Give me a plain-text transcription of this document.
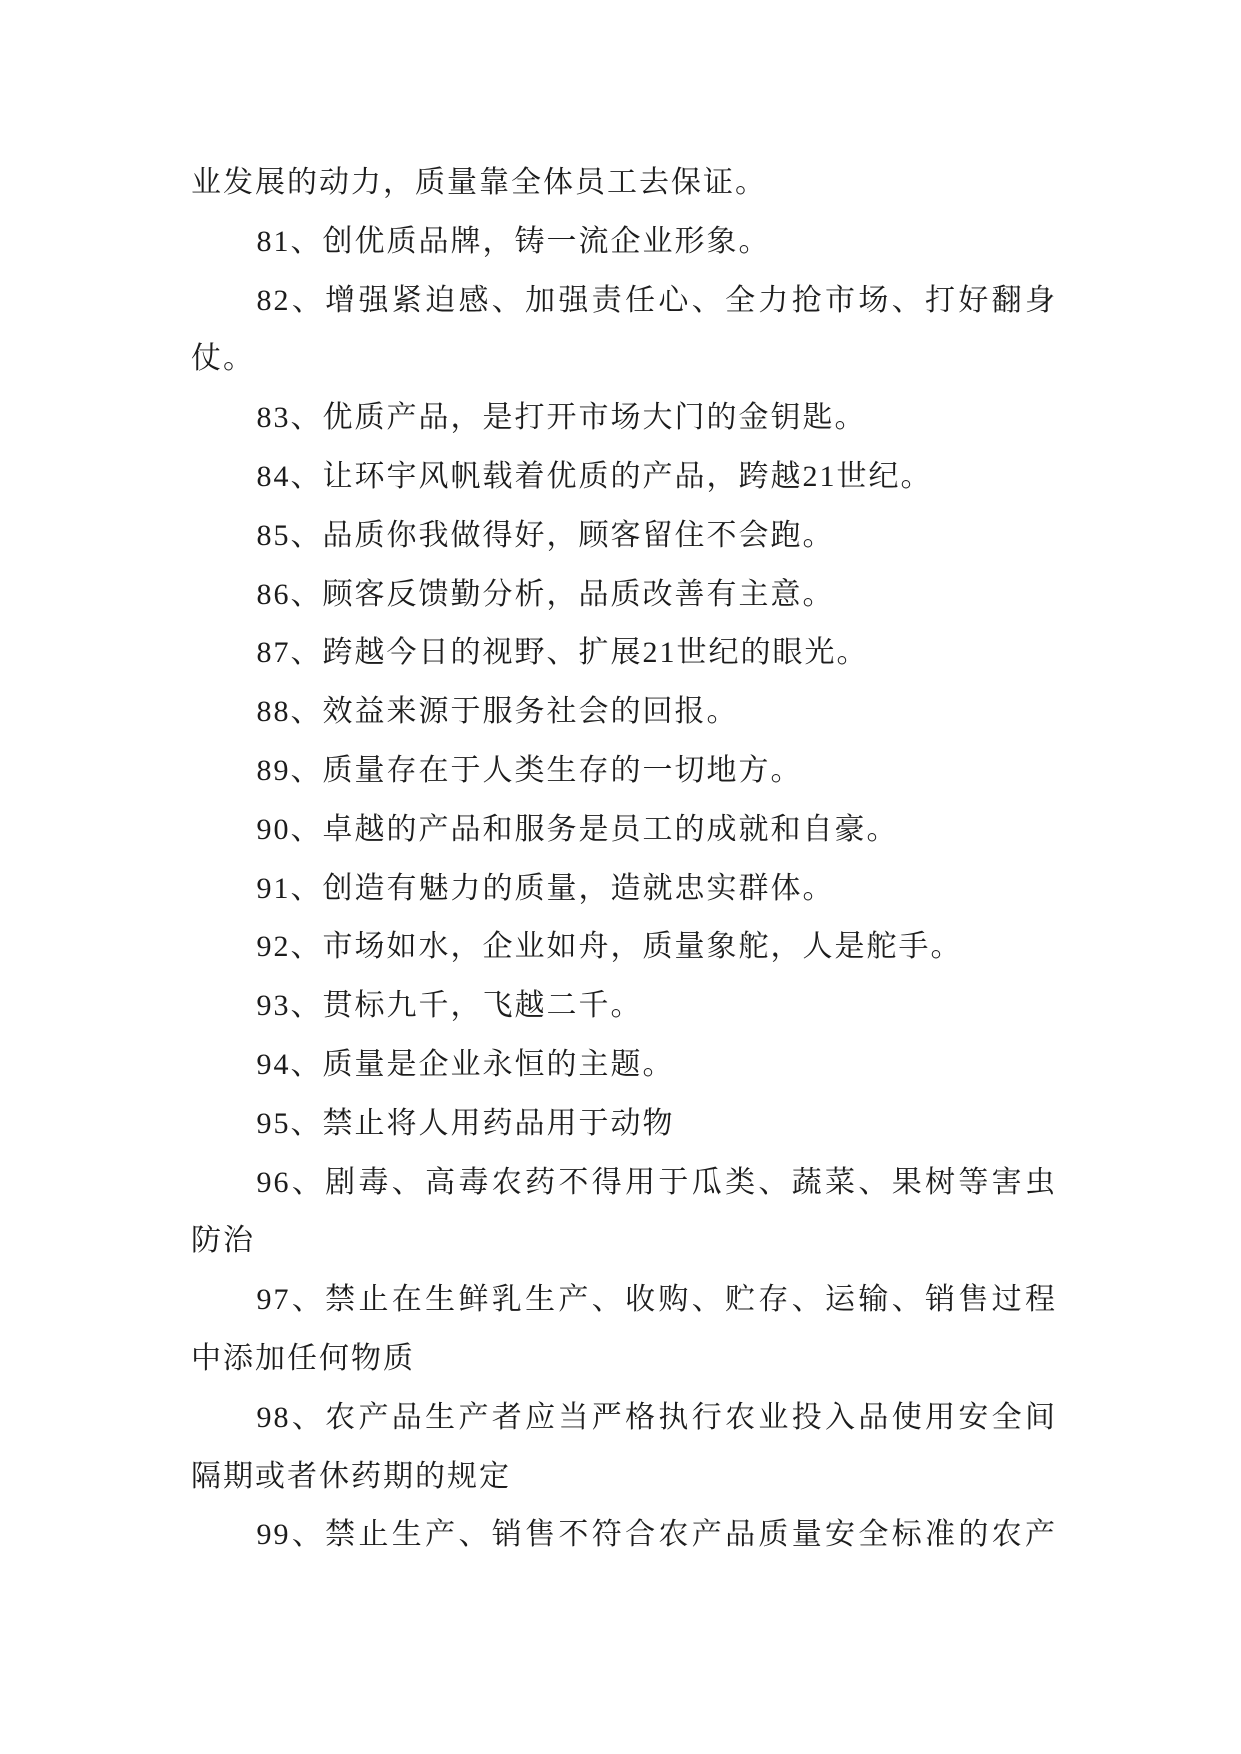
业发展的动力，质量靠全体员工去保证。

81、创优质品牌，铸一流企业形象。

82、增强紧迫感、加强责任心、全力抢市场、打好翻身
仗。

83、优质产品，是打开市场大门的金钥匙。

84、让环宇风帆载着优质的产品，跨越21世纪。

85、品质你我做得好，顾客留住不会跑。

86、顾客反馈勤分析，品质改善有主意。

87、跨越今日的视野、扩展21世纪的眼光。

88、效益来源于服务社会的回报。

89、质量存在于人类生存的一切地方。

90、卓越的产品和服务是员工的成就和自豪。

91、创造有魅力的质量，造就忠实群体。

92、市场如水，企业如舟，质量象舵，人是舵手。

93、贯标九千，飞越二千。

94、质量是企业永恒的主题。

95、禁止将人用药品用于动物

96、剧毒、高毒农药不得用于瓜类、蔬菜、果树等害虫
防治

97、禁止在生鲜乳生产、收购、贮存、运输、销售过程
中添加任何物质

98、农产品生产者应当严格执行农业投入品使用安全间
隔期或者休药期的规定

99、禁止生产、销售不符合农产品质量安全标准的农产
